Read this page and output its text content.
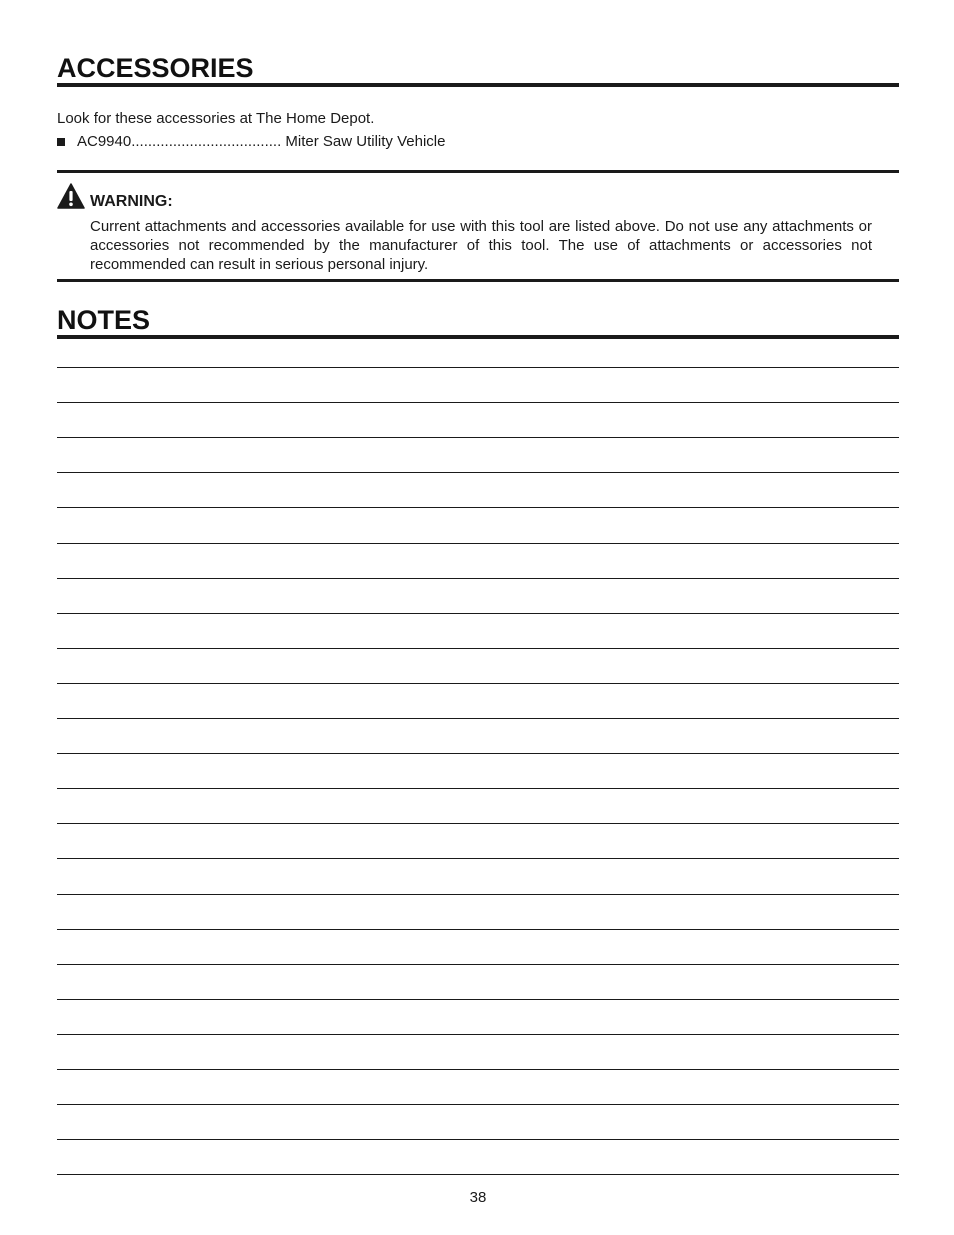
ACCESSORIES
Look for these accessories at The Home Depot.
AC9940.................................... Miter Saw Utility Vehicle
WARNING:
Current attachments and accessories available for use with this tool are listed above. Do not use any attachments or accessories not recommended by the manufacturer of this tool. The use of attachments or accessories not recommended can result in serious personal injury.
NOTES
38
